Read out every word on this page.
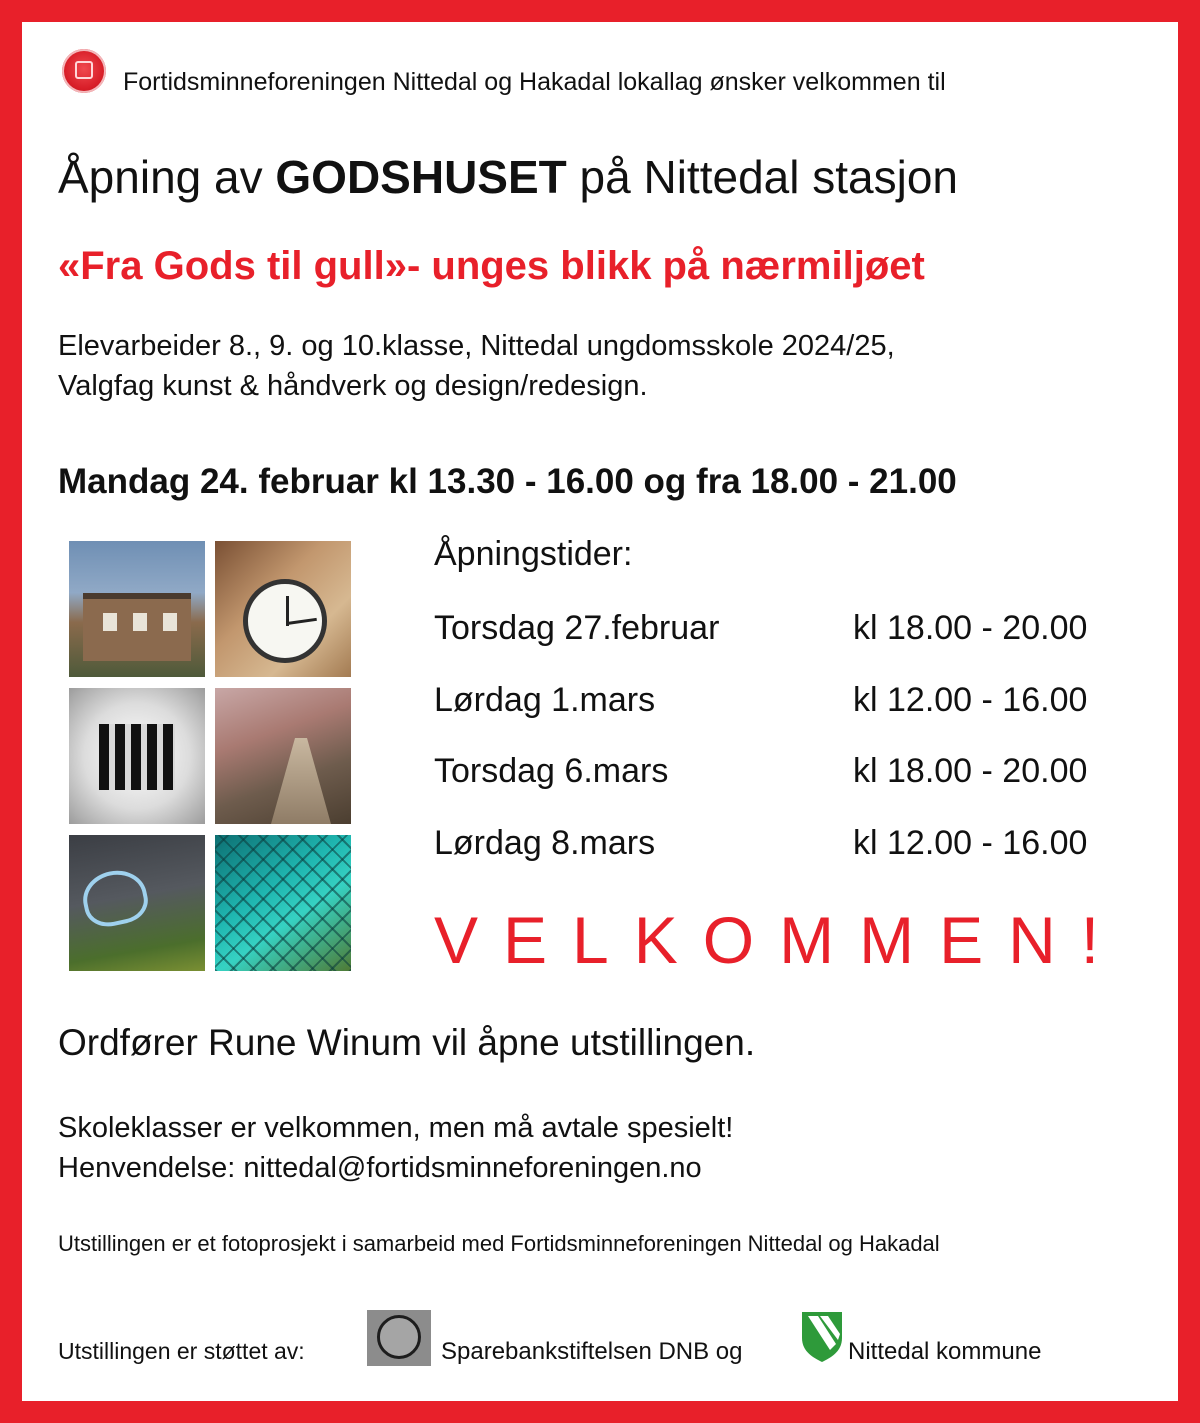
Fortidsminneforeningen Nittedal og Hakadal lokallag ønsker velkommen til
Åpning av GODSHUSET på Nittedal stasjon
«Fra Gods til gull»- unges blikk på nærmiljøet
Elevarbeider 8., 9. og 10.klasse, Nittedal ungdomsskole 2024/25,
Valgfag kunst & håndverk og design/redesign.
Mandag 24. februar kl 13.30 - 16.00 og fra 18.00 - 21.00
Åpningstider:
Torsdag 27.februar	kl 18.00 - 20.00
Lørdag 1.mars	kl 12.00 - 16.00
Torsdag 6.mars	kl 18.00 - 20.00
Lørdag 8.mars	kl 12.00 - 16.00
VELKOMMEN!
Ordfører Rune Winum vil åpne utstillingen.
Skoleklasser er velkommen, men må avtale spesielt!
Henvendelse: nittedal@fortidsminneforeningen.no
Utstillingen er et fotoprosjekt i samarbeid med Fortidsminneforeningen Nittedal og Hakadal
Utstillingen er støttet av:	Sparebankstiftelsen DNB og	Nittedal kommune
